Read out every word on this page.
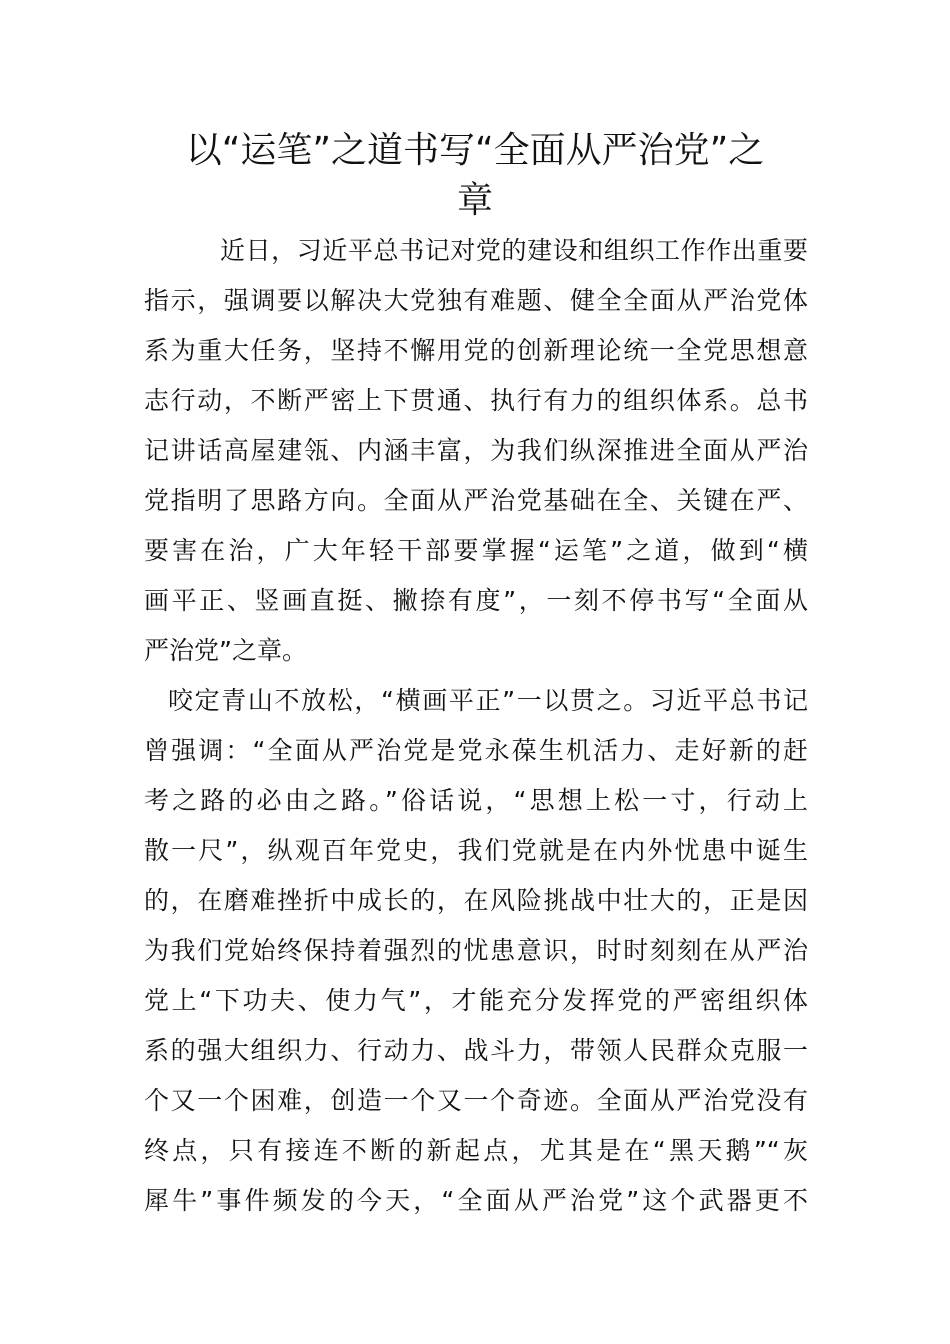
以“运笔”之道书写“全面从严治党”之
章
近日，习近平总书记对党的建设和组织工作作出重要
指示，强调要以解决大党独有难题、健全全面从严治党体
系为重大任务，坚持不懈用党的创新理论统一全党思想意
志行动，不断严密上下贯通、执行有力的组织体系。总书
记讲话高屋建瓴、内涵丰富，为我们纵深推进全面从严治
党指明了思路方向。全面从严治党基础在全、关键在严、
要害在治，广大年轻干部要掌握“运笔”之道，做到“横
画平正、竖画直挺、撇捺有度”，一刻不停书写“全面从
严治党”之章。
咬定青山不放松，“横画平正”一以贯之。习近平总书记
曾强调：“全面从严治党是党永葆生机活力、走好新的赶
考之路的必由之路。”俗话说，“思想上松一寸，行动上
散一尺”，纵观百年党史，我们党就是在内外忧患中诞生
的，在磨难挫折中成长的，在风险挑战中壮大的，正是因
为我们党始终保持着强烈的忧患意识，时时刻刻在从严治
党上“下功夫、使力气”，才能充分发挥党的严密组织体
系的强大组织力、行动力、战斗力，带领人民群众克服一
个又一个困难，创造一个又一个奇迹。全面从严治党没有
终点，只有接连不断的新起点，尤其是在“黑天鹅”“灰
犀牛”事件频发的今天，“全面从严治党”这个武器更不
